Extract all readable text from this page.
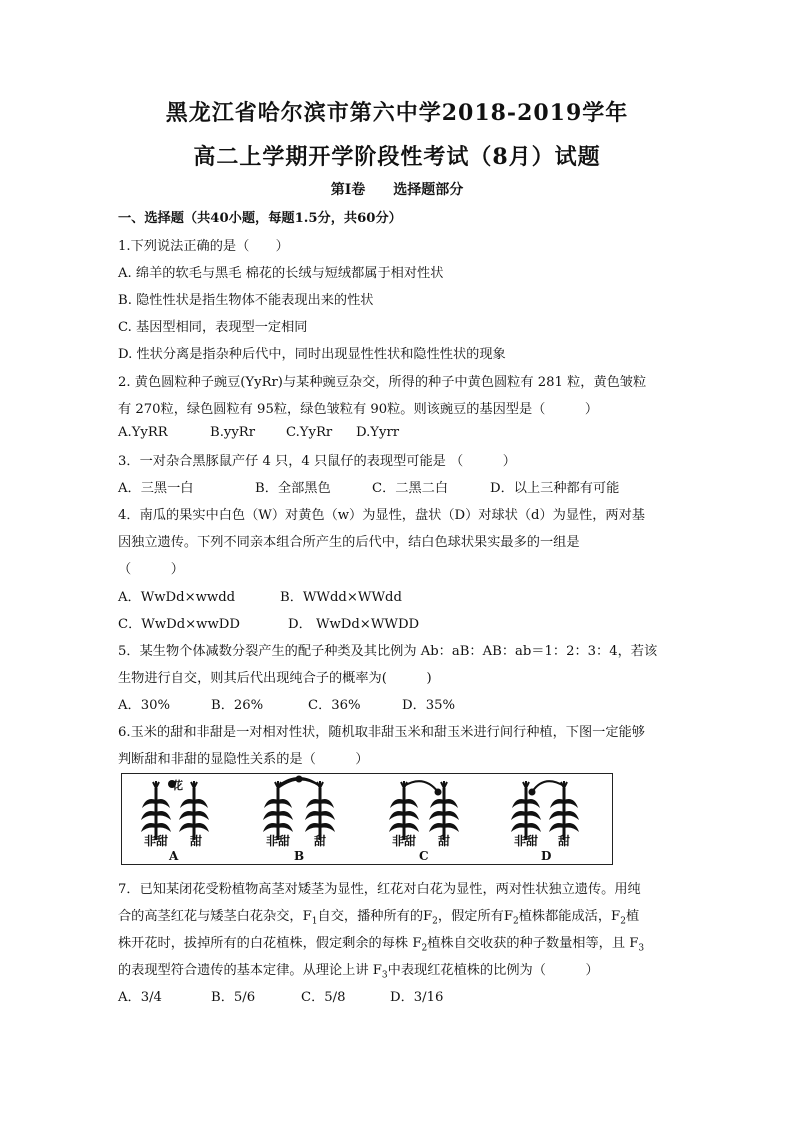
黑龙江省哈尔滨市第六中学2018-2019学年
高二上学期开学阶段性考试（8月）试题
第Ⅰ卷 选择题部分
一、选择题（共40小题，每题1.5分，共60分）
1.下列说法正确的是（　　）
A. 绵羊的软毛与黑毛 棉花的长绒与短绒都属于相对性状
B. 隐性性状是指生物体不能表现出来的性状
C. 基因型相同，表现型一定相同
D. 性状分离是指杂种后代中，同时出现显性性状和隐性性状的现象
2. 黄色圆粒种子豌豆(YyRr)与某种豌豆杂交，所得的种子中黄色圆粒有 281 粒，黄色皱粒
有 270粒，绿色圆粒有 95粒，绿色皱粒有 90粒。则该豌豆的基因型是（　　　）
A.YyRR	B.yyRr C.YyRr D.Yyrr
3．一对杂合黑豚鼠产仔 4 只，4 只鼠仔的表现型可能是 （　　　）
A．三黑一白	B．全部黑色	C．二黑二白	D．以上三种都有可能
4．南瓜的果实中白色（W）对黄色（w）为显性，盘状（D）对球状（d）为显性，两对基
因独立遗传。下列不同亲本组合所产生的后代中，结白色球状果实最多的一组是
（　　　）
A．WwDd×wwdd	B．WWdd×WWdd
C．WwDd×wwDD	D． WwDd×WWDD
5．某生物个体减数分裂产生的配子种类及其比例为 Ab：aB：AB：ab＝1：2：3：4，若该
生物进行自交，则其后代出现纯合子的概率为(　　　)
A．30%	B．26%	C．36%	D．35%
6.玉米的甜和非甜是一对相对性状，随机取非甜玉米和甜玉米进行间行种植，下图一定能够
判断甜和非甜的显隐性关系的是（　　　）
花
非甜 甜
A
非甜 甜
B
非甜 甜
C
非甜 甜
D
7．已知某闭花受粉植物高茎对矮茎为显性，红花对白花为显性，两对性状独立遗传。用纯
合的高茎红花与矮茎白花杂交，$F_1$自交，播种所有的$F_2$，假定所有$F_2$植株都能成活，$F_2$植
株开花时，拔掉所有的白花植株，假定剩余的每株 $F_2$植株自交收获的种子数量相等，且 $F_3$
的表现型符合遗传的基本定律。从理论上讲 $F_3$中表现红花植株的比例为（　　　）
A．3/4	B．5/6	C．5/8	D．3/16
